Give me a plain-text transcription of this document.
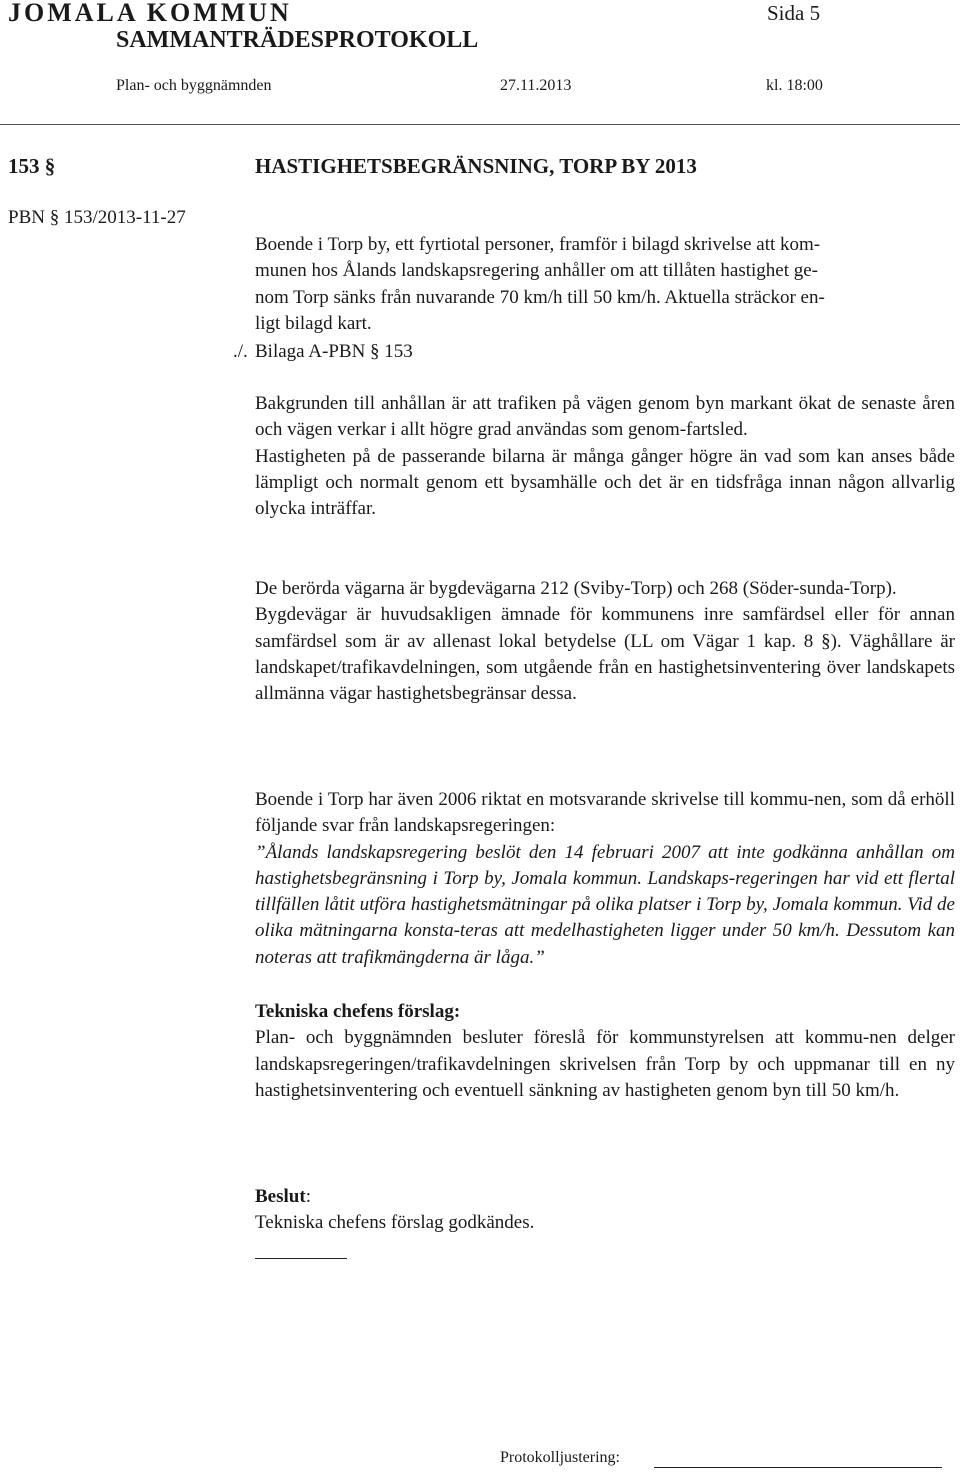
JOMALA KOMMUN	Sida 5
SAMMANTRÄDESPROTOKOLL
Plan- och byggnämnden	27.11.2013	kl. 18:00
153 §	HASTIGHETSBEGRÄNSNING, TORP BY 2013
PBN § 153/2013-11-27
Boende i Torp by, ett fyrtiotal personer, framför i bilagd skrivelse att kom-
munen hos Ålands landskapsregering anhåller om att tillåten hastighet ge-
nom Torp sänks från nuvarande 70 km/h till 50 km/h. Aktuella sträckor en-
ligt bilagd kart.
./. Bilaga A-PBN § 153

Bakgrunden till anhållan är att trafiken på vägen genom byn markant ökat de senaste åren och vägen verkar i allt högre grad användas som genom-fartsled.

Hastigheten på de passerande bilarna är många gånger högre än vad som kan anses både lämpligt och normalt genom ett bysamhälle och det är en tidsfråga innan någon allvarlig olycka inträffar.

De berörda vägarna är bygdevägarna 212 (Sviby-Torp) och 268 (Söder-sunda-Torp).

Bygdevägar är huvudsakligen ämnade för kommunens inre samfärdsel eller för annan samfärdsel som är av allenast lokal betydelse (LL om Vägar 1 kap. 8 §). Väghållare är landskapet/trafikavdelningen, som utgående från en hastighetsinventering över landskapets allmänna vägar hastighetsbegränsar dessa.

Boende i Torp har även 2006 riktat en motsvarande skrivelse till kommu-nen, som då erhöll följande svar från landskapsregeringen:

”Ålands landskapsregering beslöt den 14 februari 2007 att inte godkänna anhållan om hastighetsbegränsning i Torp by, Jomala kommun. Landskaps-regeringen har vid ett flertal tillfällen låtit utföra hastighetsmätningar på olika platser i Torp by, Jomala kommun. Vid de olika mätningarna konsta-teras att medelhastigheten ligger under 50 km/h. Dessutom kan noteras att trafikmängderna är låga.”

Tekniska chefens förslag:

Plan- och byggnämnden besluter föreslå för kommunstyrelsen att kommu-nen delger landskapsregeringen/trafikavdelningen skrivelsen från Torp by och uppmanar till en ny hastighetsinventering och eventuell sänkning av hastigheten genom byn till 50 km/h.

Beslut:

Tekniska chefens förslag godkändes.

Protokolljustering:
